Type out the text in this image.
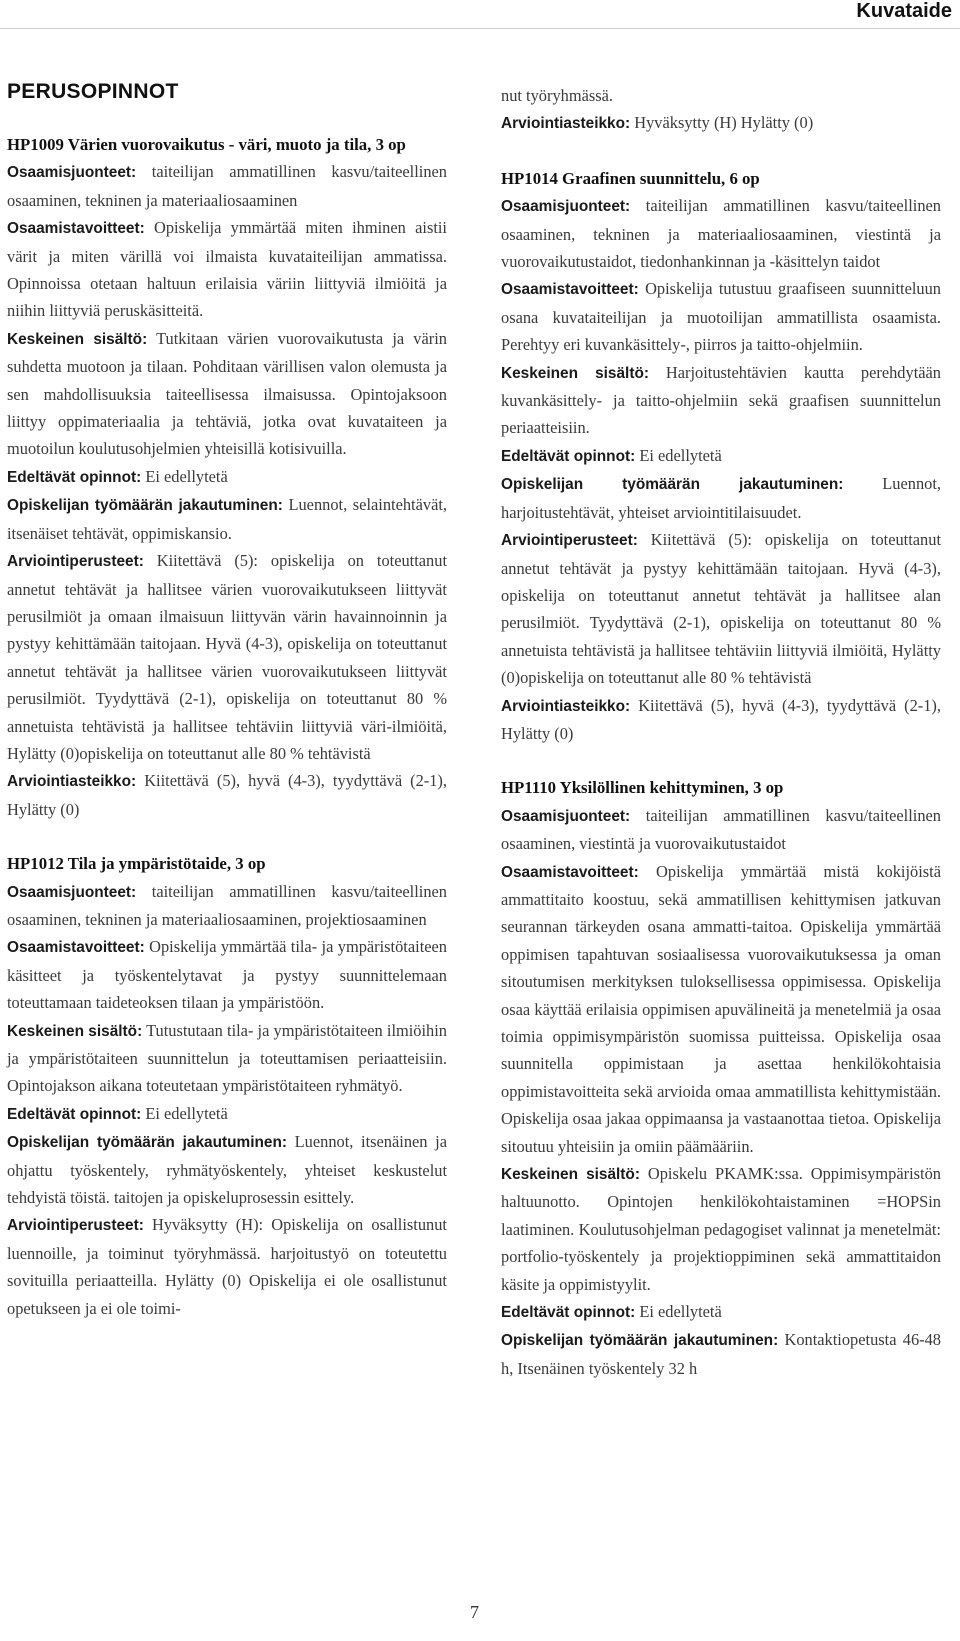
Kuvataide
PERUSOPINNOT

HP1009 Värien vuorovaikutus - väri, muoto ja tila, 3 op

Osaamisjuonteet: taiteilijan ammatillinen kasvu/taiteellinen osaaminen, tekninen ja materiaaliosaaminen

Osaamistavoitteet: Opiskelija ymmärtää miten ihminen aistii värit ja miten värillä voi ilmaista kuvataiteilijan ammatissa. Opinnoissa otetaan haltuun erilaisia väriin liittyviä ilmiöitä ja niihin liittyviä peruskäsitteitä.

Keskeinen sisältö: Tutkitaan värien vuorovaikutusta ja värin suhdetta muotoon ja tilaan. Pohditaan värillisen valon olemusta ja sen mahdollisuuksia taiteellisessa ilmaisussa. Opintojaksoon liittyy oppimateriaalia ja tehtäviä, jotka ovat kuvataiteen ja muotoilun koulutusohjelmien yhteisillä kotisivuilla.

Edeltävät opinnot: Ei edellytetä

Opiskelijan työmäärän jakautuminen: Luennot, selaintehtävät, itsenäiset tehtävät, oppimiskansio.

Arviointiperusteet: Kiitettävä (5): opiskelija on toteuttanut annetut tehtävät ja hallitsee värien vuorovaikutukseen liittyvät perusilmiöt ja omaan ilmaisuun liittyvän värin havainnoinnin ja pystyy kehittämään taitojaan. Hyvä (4-3), opiskelija on toteuttanut annetut tehtävät ja hallitsee värien vuorovaikutukseen liittyvät perusilmiöt. Tyydyttävä (2-1), opiskelija on toteuttanut 80 % annetuista tehtävistä ja hallitsee tehtäviin liittyviä väri-ilmiöitä, Hylätty (0)opiskelija on toteuttanut alle 80 % tehtävistä

Arviointiasteikko: Kiitettävä (5), hyvä (4-3), tyydyttävä (2-1), Hylätty (0)

HP1012 Tila ja ympäristötaide, 3 op

Osaamisjuonteet: taiteilijan ammatillinen kasvu/taiteellinen osaaminen, tekninen ja materiaaliosaaminen, projektiosaaminen

Osaamistavoitteet: Opiskelija ymmärtää tila- ja ympäristötaiteen käsitteet ja työskentelytavat ja pystyy suunnittelemaan toteuttamaan taideteoksen tilaan ja ympäristöön.

Keskeinen sisältö: Tutustutaan tila- ja ympäristötaiteen ilmiöihin ja ympäristötaiteen suunnittelun ja toteuttamisen periaatteisiin. Opintojakson aikana toteutetaan ympäristötaiteen ryhmätyö.

Edeltävät opinnot: Ei edellytetä

Opiskelijan työmäärän jakautuminen: Luennot, itsenäinen ja ohjattu työskentely, ryhmätyöskentely, yhteiset keskustelut tehdyistä töistä. taitojen ja opiskeluprosessin esittely.

Arviointiperusteet: Hyväksytty (H): Opiskelija on osallistunut luennoille, ja toiminut työryhmässä. harjoitustyö on toteutettu sovituilla periaatteilla. Hylätty (0) Opiskelija ei ole osallistunut opetukseen ja ei ole toimi-

nut työryhmässä.

Arviointiasteikko: Hyväksytty (H) Hylätty (0)

HP1014 Graafinen suunnittelu, 6 op

Osaamisjuonteet: taiteilijan ammatillinen kasvu/taiteellinen osaaminen, tekninen ja materiaaliosaaminen, viestintä ja vuorovaikutustaidot, tiedonhankinnan ja -käsittelyn taidot

Osaamistavoitteet: Opiskelija tutustuu graafiseen suunnitteluun osana kuvataiteilijan ja muotoilijan ammatillista osaamista. Perehtyy eri kuvankäsittely-, piirros ja taitto-ohjelmiin.

Keskeinen sisältö: Harjoitustehtävien kautta perehdytään kuvankäsittely- ja taitto-ohjelmiin sekä graafisen suunnittelun periaatteisiin.

Edeltävät opinnot: Ei edellytetä

Opiskelijan työmäärän jakautuminen: Luennot, harjoitustehtävät, yhteiset arviointitilaisuudet.

Arviointiperusteet: Kiitettävä (5): opiskelija on toteuttanut annetut tehtävät ja pystyy kehittämään taitojaan. Hyvä (4-3), opiskelija on toteuttanut annetut tehtävät ja hallitsee alan perusilmiöt. Tyydyttävä (2-1), opiskelija on toteuttanut 80 % annetuista tehtävistä ja hallitsee tehtäviin liittyviä ilmiöitä, Hylätty (0)opiskelija on toteuttanut alle 80 % tehtävistä

Arviointiasteikko: Kiitettävä (5), hyvä (4-3), tyydyttävä (2-1), Hylätty (0)

HP1110 Yksilöllinen kehittyminen, 3 op

Osaamisjuonteet: taiteilijan ammatillinen kasvu/taiteellinen osaaminen, viestintä ja vuorovaikutustaidot

Osaamistavoitteet: Opiskelija ymmärtää mistä kokijöistä ammattitaito koostuu, sekä ammatillisen kehittymisen jatkuvan seurannan tärkeyden osana ammatti-taitoa. Opiskelija ymmärtää oppimisen tapahtuvan sosiaalisessa vuorovaikutuksessa ja oman sitoutumisen merkityksen tuloksellisessa oppimisessa. Opiskelija osaa käyttää erilaisia oppimisen apuvälineitä ja menetelmiä ja osaa toimia oppimisympäristön suomissa puitteissa. Opiskelija osaa suunnitella oppimistaan ja asettaa henkilökohtaisia oppimistavoitteita sekä arvioida omaa ammatillista kehittymistään. Opiskelija osaa jakaa oppimaansa ja vastaanottaa tietoa. Opiskelija sitoutuu yhteisiin ja omiin päämääriin.

Keskeinen sisältö: Opiskelu PKAMK:ssa. Oppimisympäristön haltuunotto. Opintojen henkilökohtaistaminen =HOPSin laatiminen. Koulutusohjelman pedagogiset valinnat ja menetelmät: portfolio-työskentely ja projektioppiminen sekä ammattitaidon käsite ja oppimistyylit.

Edeltävät opinnot: Ei edellytetä

Opiskelijan työmäärän jakautuminen: Kontaktiopetusta 46-48 h, Itsenäinen työskentely 32 h

7
